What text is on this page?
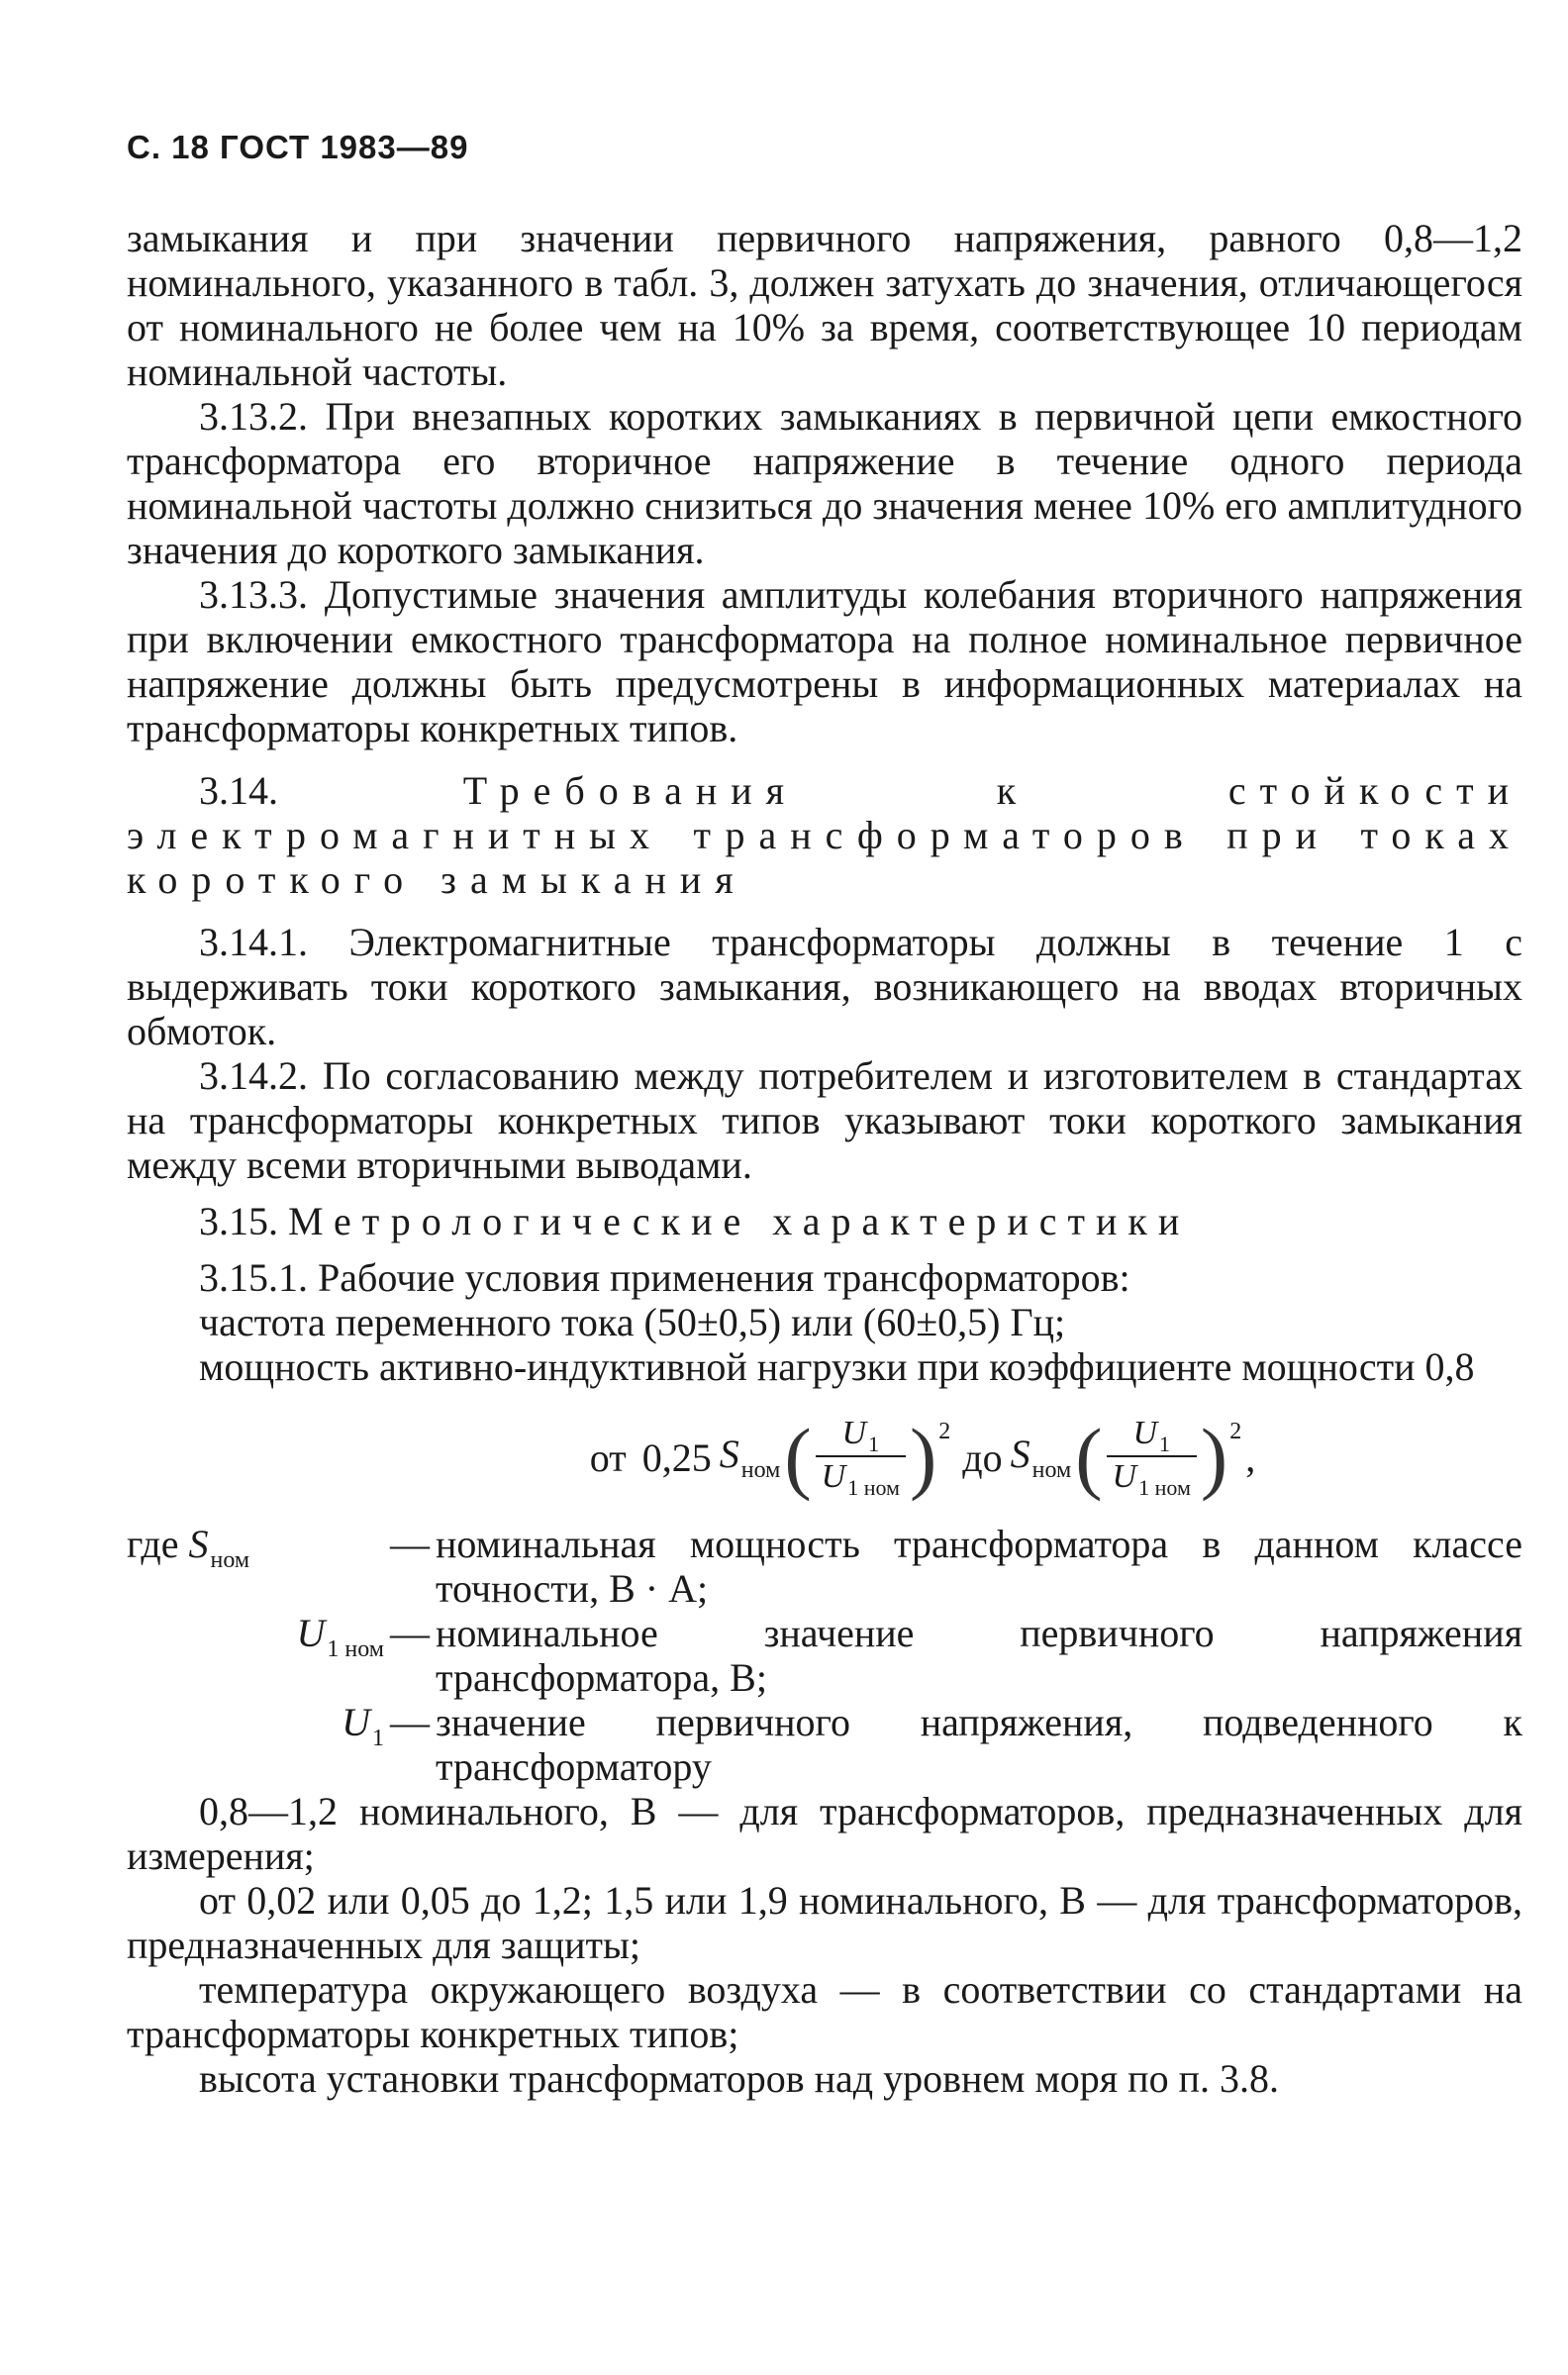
С. 18 ГОСТ 1983—89

замыкания и при значении первичного напряжения, равного 0,8—1,2 номинального, указанного в табл. 3, должен затухать до значения, отличающегося от номинального не более чем на 10% за время, соответствующее 10 периодам номинальной частоты.

3.13.2. При внезапных коротких замыканиях в первичной цепи емкостного трансформатора его вторичное напряжение в течение одного периода номинальной частоты должно снизиться до значения менее 10% его амплитудного значения до короткого замыкания.

3.13.3. Допустимые значения амплитуды колебания вторичного напряжения при включении емкостного трансформатора на полное номинальное первичное напряжение должны быть предусмотрены в информационных материалах на трансформаторы конкретных типов.

3.14.	Требования к стойкости электромагнитных трансформаторов при токах короткого замыкания

3.14.1. Электромагнитные трансформаторы должны в течение 1 с выдерживать токи короткого замыкания, возникающего на вводах вторичных обмоток.

3.14.2. По согласованию между потребителем и изготовителем в стандартах на трансформаторы конкретных типов указывают токи короткого замыкания между всеми вторичными выводами.

3.15. Метрологические характеристики

3.15.1. Рабочие условия применения трансформаторов:

частота переменного тока (50±0,5) или (60±0,5) Гц;

мощность активно-индуктивной нагрузки при коэффициенте мощности 0,8

от 0,25 $S_{ном}$ ( $\frac{U_1}{U_{1 ном}}$ ) 2
до $S_{ном}$ ( $\frac{U_1}{U_{1 ном}}$ ) 2
,
где $S_{ном}$	— номинальная мощность трансформатора в данном классе точности, В · А;
$U_{1 ном}$ — номинальное значение первичного напряжения трансформатора, В;
$U_1$ — значение первичного напряжения, подведенного к трансформатору

0,8—1,2 номинального, В — для трансформаторов, предназначенных для измерения;

от 0,02 или 0,05 до 1,2; 1,5 или 1,9 номинального, В — для трансформаторов, предназначенных для защиты;

температура окружающего воздуха — в соответствии со стандартами на трансформаторы конкретных типов;

высота установки трансформаторов над уровнем моря по п. 3.8.
